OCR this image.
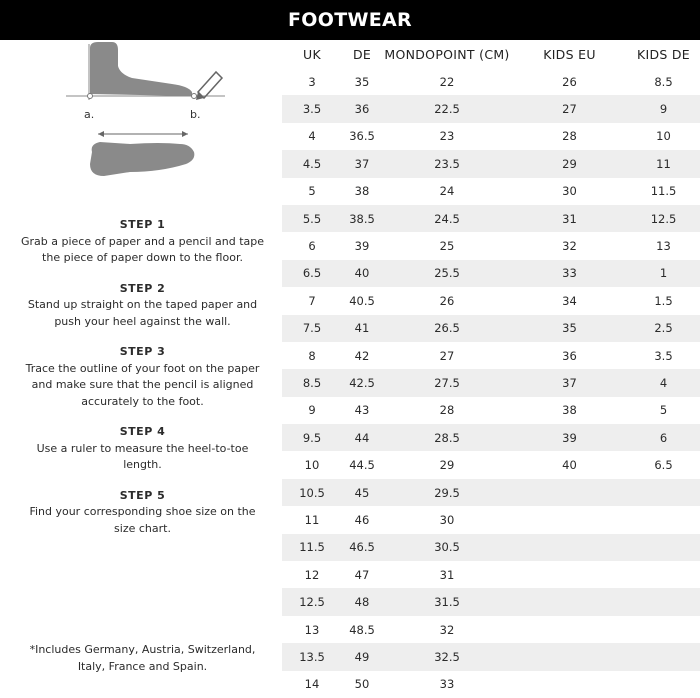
FOOTWEAR
a.	b.
STEP 1
Grab a piece of paper and a pencil and tape the piece of paper down to the floor.
STEP 2
Stand up straight on the taped paper and push your heel against the wall.
STEP 3
Trace the outline of your foot on the paper and make sure that the pencil is aligned accurately to the foot.
STEP 4
Use a ruler to measure the heel-to-toe length.
STEP 5
Find your corresponding shoe size on the size chart.
*Includes Germany, Austria, Switzerland, Italy, France and Spain.
UK	DE	MONDOPOINT (CM)	KIDS EU	KIDS DE
3	35	22	26	8.5
3.5	36	22.5	27	9
4	36.5	23	28	10
4.5	37	23.5	29	11
5	38	24	30	11.5
5.5	38.5	24.5	31	12.5
6	39	25	32	13
6.5	40	25.5	33	1
7	40.5	26	34	1.5
7.5	41	26.5	35	2.5
8	42	27	36	3.5
8.5	42.5	27.5	37	4
9	43	28	38	5
9.5	44	28.5	39	6
10	44.5	29	40	6.5
10.5	45	29.5		
11	46	30		
11.5	46.5	30.5		
12	47	31		
12.5	48	31.5		
13	48.5	32		
13.5	49	32.5		
14	50	33		
